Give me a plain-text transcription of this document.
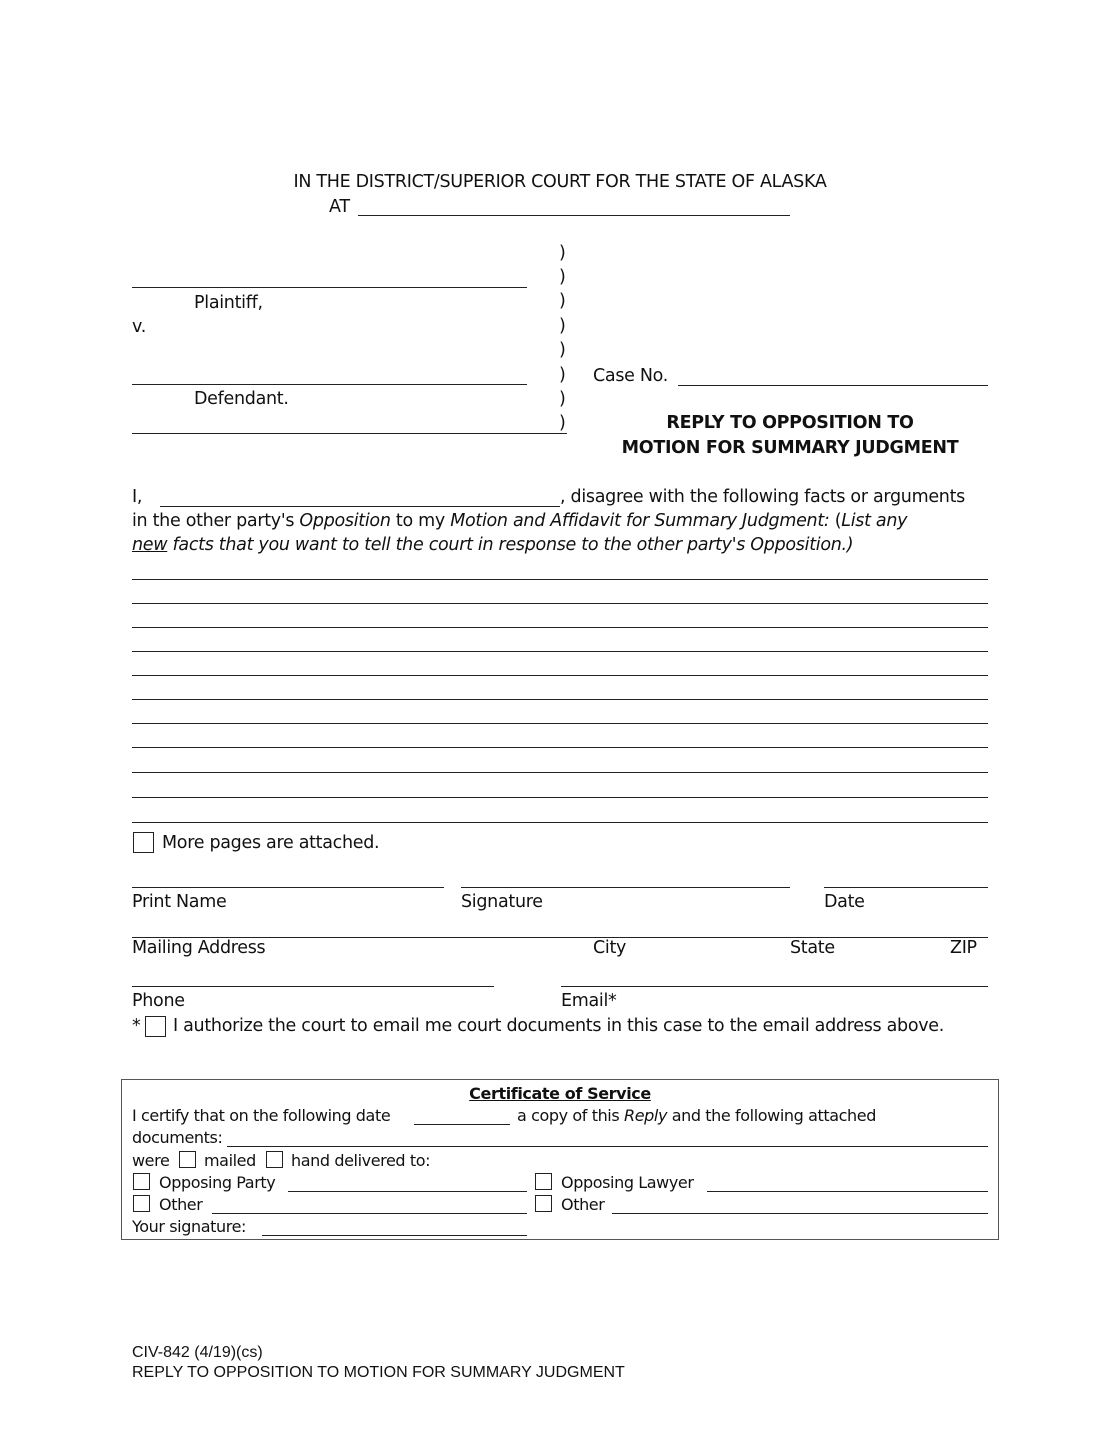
IN THE DISTRICT/SUPERIOR COURT FOR THE STATE OF ALASKA
AT
)
)
)
)
)
)
)
)
Plaintiff,
v.
Defendant.
Case No.
REPLY TO OPPOSITION TO
MOTION FOR SUMMARY JUDGMENT
I,	, disagree with the following facts or arguments
in the other party's Opposition to my Motion and Affidavit for Summary Judgment: (List any
new facts that you want to tell the court in response to the other party's Opposition.)
More pages are attached.
Print Name	Signature	Date
Mailing Address	City	State	ZIP
Phone	Email*
* I authorize the court to email me court documents in this case to the email address above.
Certificate of Service
I certify that on the following date	a copy of this Reply and the following attached
documents:
were mailed hand delivered to:
Opposing Party	Opposing Lawyer
Other	Other
Your signature:
CIV-842 (4/19)(cs)
REPLY TO OPPOSITION TO MOTION FOR SUMMARY JUDGMENT
